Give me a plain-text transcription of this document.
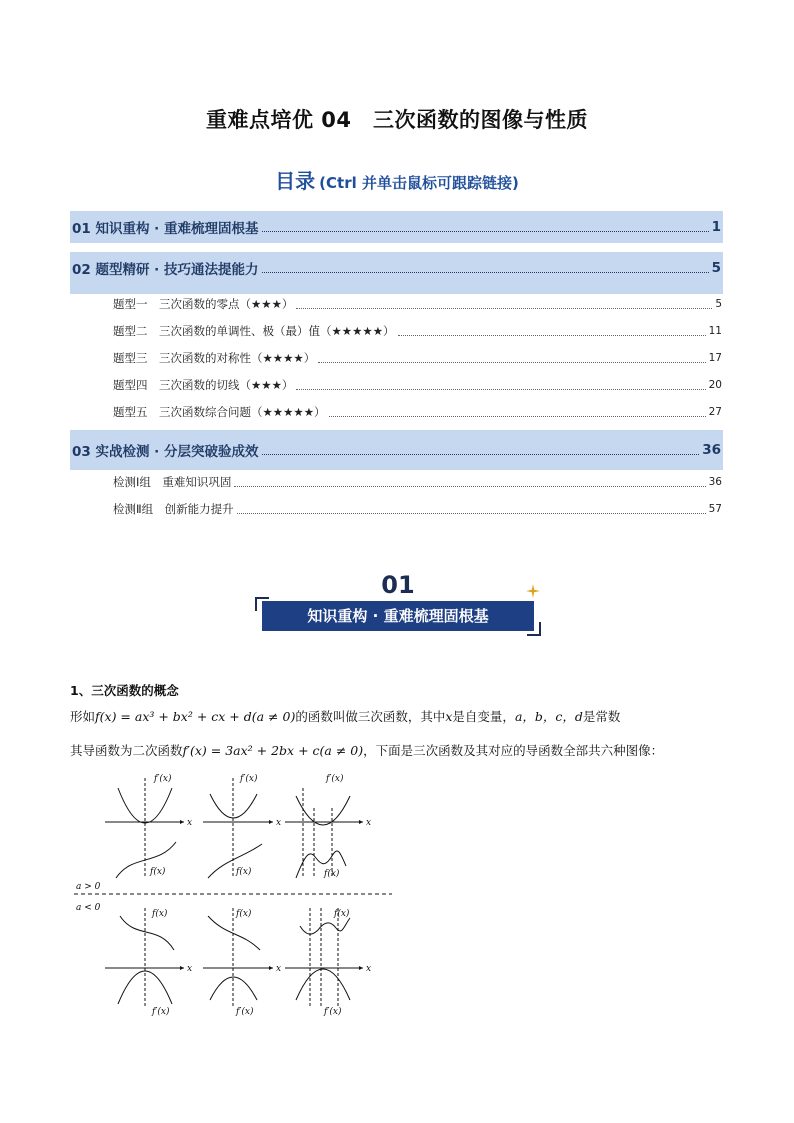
重难点培优 04　三次函数的图像与性质
目录 (Ctrl 并单击鼠标可跟踪链接)
01 知识重构 · 重难梳理固根基	1
02 题型精研 · 技巧通法提能力	5
题型一　三次函数的零点（★★★）	5
题型二　三次函数的单调性、极（最）值（★★★★★）	11
题型三　三次函数的对称性（★★★★）	17
题型四　三次函数的切线（★★★）	20
题型五　三次函数综合问题（★★★★★）	27
03 实战检测 · 分层突破验成效	36
检测Ⅰ组　重难知识巩固	36
检测Ⅱ组　创新能力提升	57
01
知识重构 · 重难梳理固根基
1、三次函数的概念
形如f(x) = ax³ + bx² + cx + d(a ≠ 0)的函数叫做三次函数，其中x是自变量，a，b，c，d是常数
其导函数为二次函数f′(x) = 3ax² + 2bx + c(a ≠ 0)，下面是三次函数及其对应的导函数全部共六种图像：
f′(x)	f′(x)	f′(x)
x	x	x
f(x)	f(x)	f(x)
a > 0
a < 0
f(x)	f(x)	f(x)
x	x	x
f′(x)	f′(x)	f′(x)
